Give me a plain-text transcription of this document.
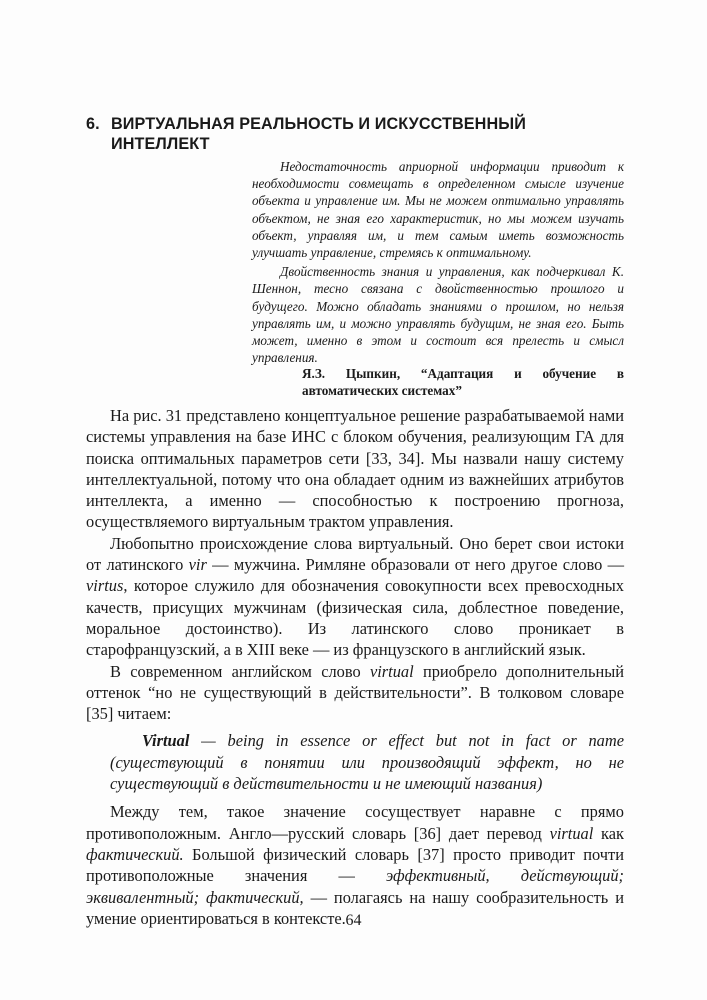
6. ВИРТУАЛЬНАЯ РЕАЛЬНОСТЬ И ИСКУССТВЕННЫЙ ИНТЕЛЛЕКТ

Недостаточность априорной информации приводит к необходимости совмещать в определенном смысле изучение объекта и управление им. Мы не можем оптимально управлять объектом, не зная его характеристик, но мы можем изучать объект, управляя им, и тем самым иметь возможность улучшать управление, стремясь к оптимальному.

Двойственность знания и управления, как подчеркивал К. Шеннон, тесно связана с двойственностью прошлого и будущего. Можно обладать знаниями о прошлом, но нельзя управлять им, и можно управлять будущим, не зная его. Быть может, именно в этом и состоит вся прелесть и смысл управления.

Я.З. Цыпкин, “Адаптация и обучение в автоматических системах”

На рис. 31 представлено концептуальное решение разрабатываемой нами системы управления на базе ИНС с блоком обучения, реализующим ГА для поиска оптимальных параметров сети [33, 34]. Мы назвали нашу систему интеллектуальной, потому что она обладает одним из важнейших атрибутов интеллекта, а именно — способностью к построению прогноза, осуществляемого виртуальным трактом управления.

Любопытно происхождение слова виртуальный. Оно берет свои истоки от латинского vir — мужчина. Римляне образовали от него другое слово — virtus, которое служило для обозначения совокупности всех превосходных качеств, присущих мужчинам (физическая сила, доблестное поведение, моральное достоинство). Из латинского слово проникает в старофранцузский, а в XIII веке — из французского в английский язык.

В современном английском слово virtual приобрело дополнительный оттенок “но не существующий в действительности”. В толковом словаре [35] читаем:

Virtual — being in essence or effect but not in fact or name (существующий в понятии или производящий эффект, но не существующий в действительности и не имеющий названия)

Между тем, такое значение сосуществует наравне с прямо противоположным. Англо—русский словарь [36] дает перевод virtual как фактический. Большой физический словарь [37] просто приводит почти противоположные значения — эффективный, действующий; эквивалентный; фактический, — полагаясь на нашу сообразительность и умение ориентироваться в контексте. 64
